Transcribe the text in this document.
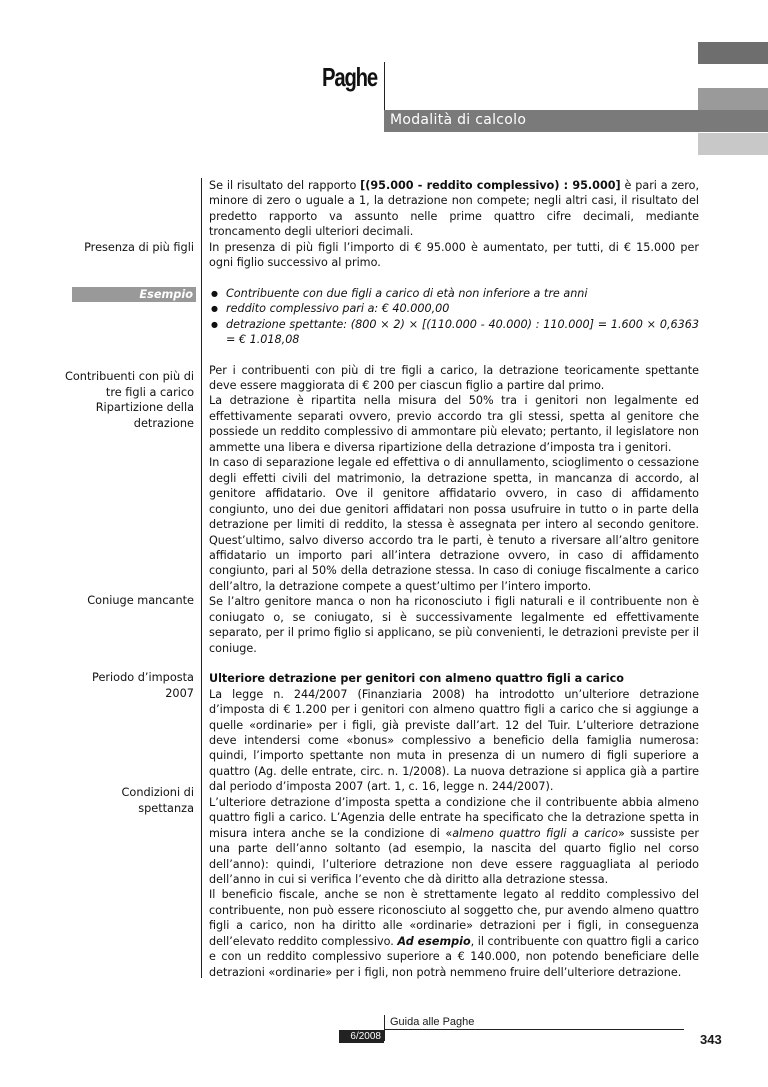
Paghe
Modalità di calcolo
Presenza di più figli
Esempio
Contribuenti con più di tre figli a carico
Ripartizione della detrazione
Coniuge mancante
Periodo d’imposta 2007
Condizioni di spettanza

Se il risultato del rapporto [(95.000 - reddito complessivo) : 95.000] è pari a zero, minore di zero o uguale a 1, la detrazione non compete; negli altri casi, il risultato del predetto rapporto va assunto nelle prime quattro cifre decimali, mediante troncamento degli ulteriori decimali.

In presenza di più figli l’importo di € 95.000 è aumentato, per tutti, di € 15.000 per ogni figlio successivo al primo.

● Contribuente con due figli a carico di età non inferiore a tre anni
● reddito complessivo pari a: € 40.000,00
● detrazione spettante: (800 × 2) × [(110.000 - 40.000) : 110.000] = 1.600 × 0,6363 = € 1.018,08

Per i contribuenti con più di tre figli a carico, la detrazione teoricamente spettante deve essere maggiorata di € 200 per ciascun figlio a partire dal primo.

La detrazione è ripartita nella misura del 50% tra i genitori non legalmente ed effettivamente separati ovvero, previo accordo tra gli stessi, spetta al genitore che possiede un reddito complessivo di ammontare più elevato; pertanto, il legislatore non ammette una libera e diversa ripartizione della detrazione d’imposta tra i genitori.

In caso di separazione legale ed effettiva o di annullamento, scioglimento o cessazione degli effetti civili del matrimonio, la detrazione spetta, in mancanza di accordo, al genitore affidatario. Ove il genitore affidatario ovvero, in caso di affidamento congiunto, uno dei due genitori affidatari non possa usufruire in tutto o in parte della detrazione per limiti di reddito, la stessa è assegnata per intero al secondo genitore. Quest’ultimo, salvo diverso accordo tra le parti, è tenuto a riversare all’altro genitore affidatario un importo pari all’intera detrazione ovvero, in caso di affidamento congiunto, pari al 50% della detrazione stessa. In caso di coniuge fiscalmente a carico dell’altro, la detrazione compete a quest’ultimo per l’intero importo.

Se l’altro genitore manca o non ha riconosciuto i figli naturali e il contribuente non è coniugato o, se coniugato, si è successivamente legalmente ed effettivamente separato, per il primo figlio si applicano, se più convenienti, le detrazioni previste per il coniuge.

Ulteriore detrazione per genitori con almeno quattro figli a carico

La legge n. 244/2007 (Finanziaria 2008) ha introdotto un’ulteriore detrazione d’imposta di € 1.200 per i genitori con almeno quattro figli a carico che si aggiunge a quelle «ordinarie» per i figli, già previste dall’art. 12 del Tuir. L’ulteriore detrazione deve intendersi come «bonus» complessivo a beneficio della famiglia numerosa: quindi, l’importo spettante non muta in presenza di un numero di figli superiore a quattro (Ag. delle entrate, circ. n. 1/2008). La nuova detrazione si applica già a partire dal periodo d’imposta 2007 (art. 1, c. 16, legge n. 244/2007).

L’ulteriore detrazione d’imposta spetta a condizione che il contribuente abbia almeno quattro figli a carico. L’Agenzia delle entrate ha specificato che la detrazione spetta in misura intera anche se la condizione di «almeno quattro figli a carico» sussiste per una parte dell’anno soltanto (ad esempio, la nascita del quarto figlio nel corso dell’anno): quindi, l’ulteriore detrazione non deve essere ragguagliata al periodo dell’anno in cui si verifica l’evento che dà diritto alla detrazione stessa.

Il beneficio fiscale, anche se non è strettamente legato al reddito complessivo del contribuente, non può essere riconosciuto al soggetto che, pur avendo almeno quattro figli a carico, non ha diritto alle «ordinarie» detrazioni per i figli, in conseguenza dell’elevato reddito complessivo. Ad esempio, il contribuente con quattro figli a carico e con un reddito complessivo superiore a € 140.000, non potendo beneficiare delle detrazioni «ordinarie» per i figli, non potrà nemmeno fruire dell’ulteriore detrazione.

Guida alle Paghe
6/2008	343
